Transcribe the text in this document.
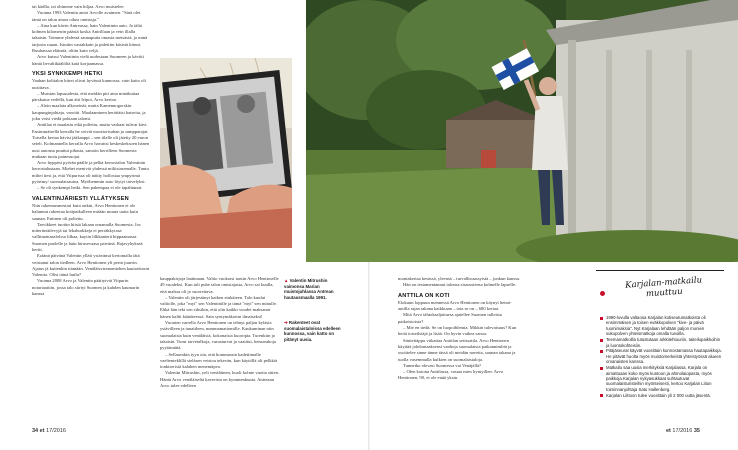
tai kädlla, tai ohimene vain hiljaa. Arvo muistelee.

Vuonna 1993 Valentin antoi Arvolle avaimen. "Sinä olet tämä on talon ainoa oikea omistaja."

– Aina kun kävin Antreassa, hain Valentinin auto. Ja tältä kolmen kilometrin päästä koska Antrillaan ja vein illalla takaisin. Toimme yhdessä saunapuita omasta metsästä, ja minä tarjosin ruuan. Istuttin vastakkain ja pidettiin käsistä kiinni. Ruuhassaa eläimiä, olitin kuin veljä.

Arvo kutsui Valentinin vielä uudestaan Suomeen ja kävitti häntä lievaltikäälöltä kaiä korjaamassa.

YKSI SYNKKEMPI HETKI

Vaahan kolttalon hitret olivat hyvässä kunnossa, vain katto oli uusittava.

– Muistan lapsuudesta, että meidän piti aina minäkuttaa pärskatoa vedellä, kun äiti leipoi, Arvo kertoo.

– Aloin maalata alkoseinät, mutta Kamennogorskin kaupunginjohtaja, varoitti. Maalaaminen herättäisi katseita, ja joku voisi viedä pohtaan talomi.

Anttilaa ei maalattu eikä poltettu, mutta varkaat tulivat kävi. Ensimmäisellä kerralla he veivät moottorisahan ja sampparajat. Toisella kertaa hävisi jääkaappi – sen tilalle oli jätetty 20 euron seteli. Kolmannella kerralla Arvo havaitsi keskeskeksoen hänen uusi autonsa puuttui pihasta, samoin kerrilleen Suomesta mukaan tuotu painesuojat.

Arvo hyppäsi pyörän päälle ja pelkä kerrostalon Valentinin kerrostalustaan. Miehet menivät yhdessä miliisiasemalle. Tuntu miltei tiesi ja, että Viipurissa oli näitty hollostaa ympyrimä pyörtmy/ suomalaisautoa. Myöhemmin auto löytyi tärvelyksi.

– Se oli synkempi hetki. Sen pahempaa ei ole tapahtunut.

VALENTINJÄRIESTI YLLÄTYKSEN

Niin rakennusmestari kuin onkin, Arvo Henttonen ei ole halunnut rakentaa kotipaikalleen mitään muuta uutta kuin saunan. Entinen oli poltettu.

Tarvikkeet tuotiin hiistä lakaan ornamalla Suomesta. Jos miteritnttilevyjä tai lekahurkkeja ei perräkkyrasa valltimattasalolssa lilkaa, kaytin lilkkanierä kippaamassa Suomen puolelle ja hain hirusevaasa paivänä. Rajavyhykseä kertti.

Eräänä päivänä Valentin ylläti ystävänsä kertomalla tätä veistanut talon tiedleen. Arvo Henttonen yli perin juurrin. Ajatus jä kuitenkin itämään. Venäläisviranomiehen kautoettavat Valentia. Olisi tämä huilu?

Vuonna 2008 Arvo ja Valentin päättyivät Viipurin notariaattiin, jossa talo siirtyi Suomen ja kahden kaumarin kanssa

kauppakirjoja laatimaan. Valtio vuokrasi tontin Arvo Henttoselle 49 vuodeksi. Kun tuli puhe talon omistajasta, Arvo sai kuulla, että malssa oli jo suorrettava.

– Valentin oli järjestänyt kaiken etukäteen. Talo kuului valtiolle, joka "myi" sen Valentinille ja tämä "myi" sen minulle. Ehkä hän teki sen siksikin, että olin kaikki vuodet maksanut hänen kaltit käänkeessä. Sain syntymäkotini ilmaiseksi!

Vuonien varrella Arvo Henttonen on tehnyt paljon kyläsia ystävilleen ja tunaitleen, nummamattomille. Kaukaminan niin suomalaisia kuin venäläisiä, kokonaisia kuoropia. Turenkiin ja takaisin. Turut tarvetalkoja, varusturvat ja vaatitut, bensarahoja pyytämättä.

– Sellasenkin tyyn oin, että hommassin kadettimalle vaeltenteklillä sieläsen veistoa tekevän, kun käytöllä oli pelkkiä tonkiseristä kalahen menemäpvo.

Valentin Mitrushin, yeli venäläinen, kuoli kolme vuotta sitten. Häntä Arvo venäläiseltä kaverista on kymmenkunta. Antreaan Arvo tulee edelleen

▲ Valentin Mitrushin vaimonsa Marian muistojuhlassa Antrean hautausmaalla 1991.
➔ Rakenteet ovat suomalaistaloissa edelleen kunnossa, vain katto on pitänyt uusia.
34 et 17/2016

montakertaa kesässä, yleensä – turvallisuussyistä – jonkun kanssa.

Hän on testamentannut talonsa sisarustensa kolmelle lapselle.

ANTTILA ON KOTI

Elokuun loppuun mennessä Arvo Henttonen on käynyt heinä- autilla rajan takana kaikkiaan – tota se on – 680 kertaa.

Mitä Arvo tähtoksaljaitaesa ajatellee Suomen tulleista paikoistoista?

– Mie en tiedä. Se on luopoiblemia. Mikkin tulevaisuus? Kun heitä toiseilsiäjä ja lisää. On hyvin vaikea sanoa.

Sinitettäppu viikattaa Anttilan setissatila. Arvo Henttonen käyttää johdontaaksensi vanhoja suomalaisia paikannimlitä ja osoittelee sinne tänne tässä oli meidän navetta, saunan takana ja tuolla vasemmalla kulkien on suomalaistaloja.

Tunnetko olevasi Suomessa vai Venäjällä?

– Olen kotona Anttilassa, vastaa mies hymyillen. Arvo Henttonen, 90, ei ole enää yksin.

Karjalan-matkailu muuttuu
1990-luvulla valtaosa Karjalan kotiseutumatkoista oli ensimmäisen ja toisen eväkkopolven "kive- ja päivä tuomimaksia". Nyt Karjalaan lehdään paljon monien sukupolven yhteismatkoja omalla tuvoilla.
Teemamatkoilla tutustutaan arkkitehtuuriin, taiteilupaikkoihin ja luontokohteisiin.
Pitäjäseurat käyvät vuosittain kunnostamassa hautapaikkoja. He pitävät huolta myös muistomerkeistä yhteistyössä alueen omanaisten kanssa.
Matkailu saa uusia merkityksiä Karjalassa. Karjala on aimattuaan koko myös kuntoon ja ahmolaiopasta, myös paikkoja.Karjalan nykyasukkaat suhtautuvat suomalaisturisteihin myönteisesti, kertoo Karjalan Liiton toiminnanjohtaja Satu Hallenberg.
Karjalan Liittoon tulee vuosittain yli 2 000 uutta jäsentä.
et 17/2016 35
